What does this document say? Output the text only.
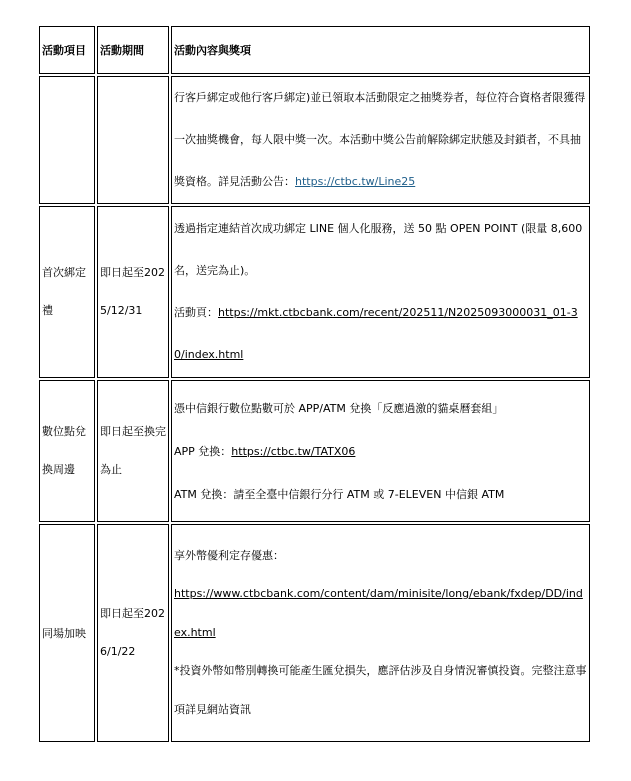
活動項目	活動期間	活動內容與獎項

		行客戶綁定或他行客戶綁定)並已領取本活動限定之抽獎券者，每位符合資格者限獲得一次抽獎機會，每人限中獎一次。本活動中獎公告前解除綁定狀態及封鎖者，不具抽獎資格。詳見活動公告：https://ctbc.tw/Line25

首次綁定禮	即日起至2025/12/31	透過指定連結首次成功綁定 LINE 個人化服務，送 50 點 OPEN POINT (限量 8,600 名，送完為止)。

活動頁：https://mkt.ctbcbank.com/recent/202511/N2025093000031_01-30/index.html

數位點兌換周邊	即日起至換完為止	憑中信銀行數位點數可於 APP/ATM 兌換「反應過激的貓桌曆套組」

APP 兌換：https://ctbc.tw/TATX06

ATM 兌換：請至全臺中信銀行分行 ATM 或 7-ELEVEN 中信銀 ATM

同場加映	即日起至2026/1/22	享外幣優利定存優惠：

https://www.ctbcbank.com/content/dam/minisite/long/ebank/fxdep/DD/index.html

*投資外幣如幣別轉換可能產生匯兌損失，應評估涉及自身情況審慎投資。完整注意事項詳見網站資訊
